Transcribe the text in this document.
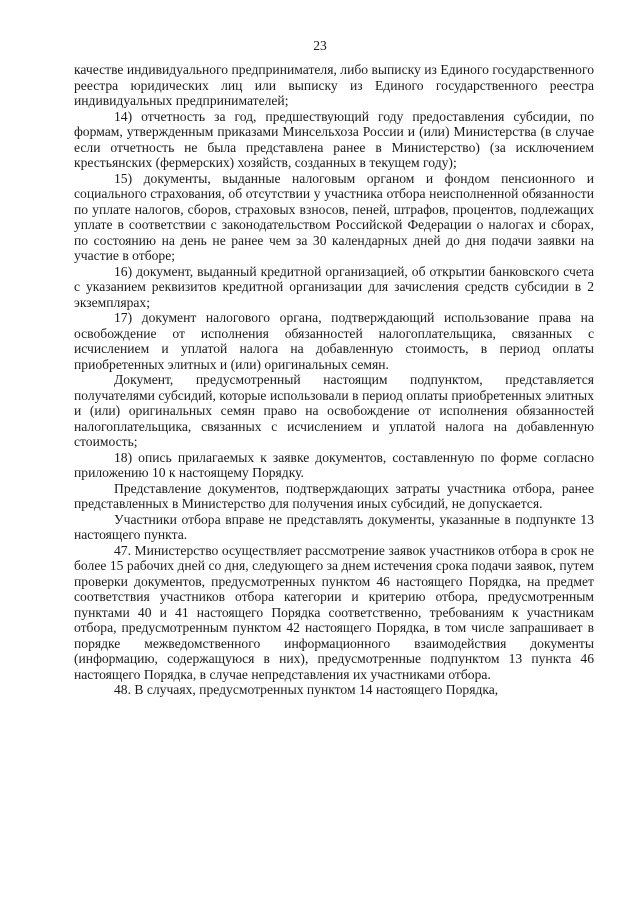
23

качестве индивидуального предпринимателя, либо выписку из Единого государственного реестра юридических лиц или выписку из Единого государственного реестра индивидуальных предпринимателей;

14) отчетность за год, предшествующий году предоставления субсидии, по формам, утвержденным приказами Минсельхоза России и (или) Министерства (в случае если отчетность не была представлена ранее в Министерство) (за исключением крестьянских (фермерских) хозяйств, созданных в текущем году);

15) документы, выданные налоговым органом и фондом пенсионного и социального страхования, об отсутствии у участника отбора неисполненной обязанности по уплате налогов, сборов, страховых взносов, пеней, штрафов, процентов, подлежащих уплате в соответствии с законодательством Российской Федерации о налогах и сборах, по состоянию на день не ранее чем за 30 календарных дней до дня подачи заявки на участие в отборе;

16) документ, выданный кредитной организацией, об открытии банковского счета с указанием реквизитов кредитной организации для зачисления средств субсидии в 2 экземплярах;

17) документ налогового органа, подтверждающий использование права на освобождение от исполнения обязанностей налогоплательщика, связанных с исчислением и уплатой налога на добавленную стоимость, в период оплаты приобретенных элитных и (или) оригинальных семян.

Документ, предусмотренный настоящим подпунктом, представляется получателями субсидий, которые использовали в период оплаты приобретенных элитных и (или) оригинальных семян право на освобождение от исполнения обязанностей налогоплательщика, связанных с исчислением и уплатой налога на добавленную стоимость;

18) опись прилагаемых к заявке документов, составленную по форме согласно приложению 10 к настоящему Порядку.

Представление документов, подтверждающих затраты участника отбора, ранее представленных в Министерство для получения иных субсидий, не допускается.

Участники отбора вправе не представлять документы, указанные в подпункте 13 настоящего пункта.

47. Министерство осуществляет рассмотрение заявок участников отбора в срок не более 15 рабочих дней со дня, следующего за днем истечения срока подачи заявок, путем проверки документов, предусмотренных пунктом 46 настоящего Порядка, на предмет соответствия участников отбора категории и критерию отбора, предусмотренным пунктами 40 и 41 настоящего Порядка соответственно, требованиям к участникам отбора, предусмотренным пунктом 42 настоящего Порядка, в том числе запрашивает в порядке межведомственного информационного взаимодействия документы (информацию, содержащуюся в них), предусмотренные подпунктом 13 пункта 46 настоящего Порядка, в случае непредставления их участниками отбора.

48. В случаях, предусмотренных пунктом 14 настоящего Порядка,
